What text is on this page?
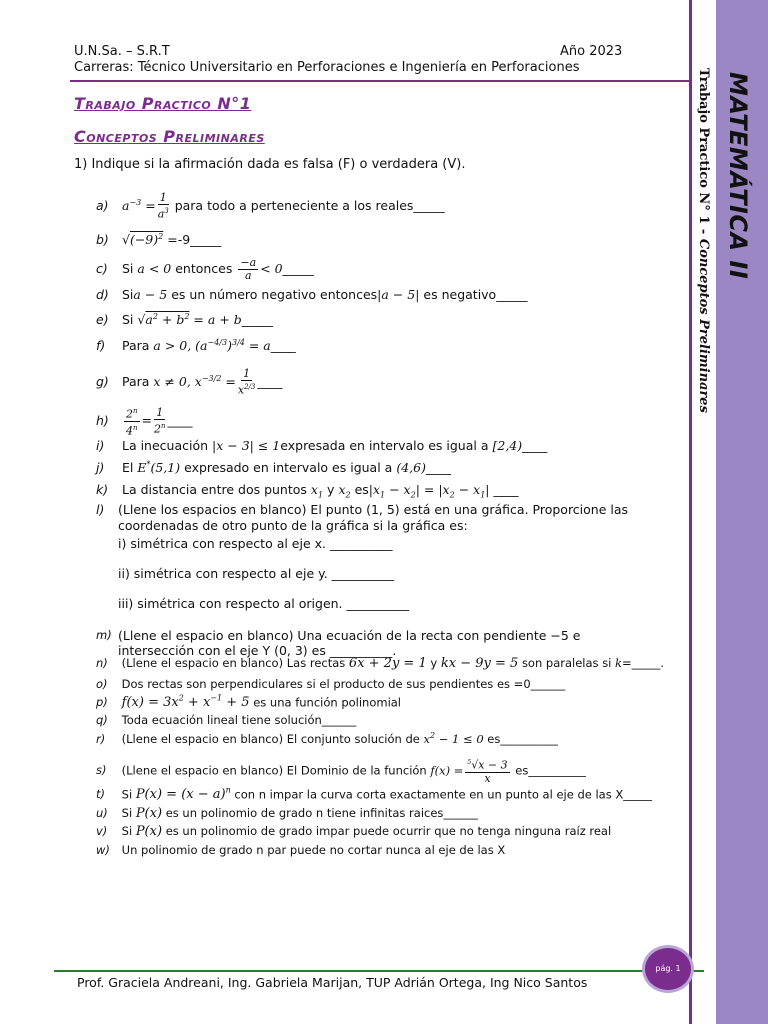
MATEMÁTICA II
Trabajo Practico N° 1 - Conceptos Preliminares
U.N.Sa. – S.R.T	Año 2023
Carreras: Técnico Universitario en Perforaciones e Ingeniería en Perforaciones
Trabajo Practico N°1
Conceptos Preliminares
1) Indique si la afirmación dada es falsa (F) o verdadera (V).
a) $a^{-3} = \frac{1}{a^3}$ para todo a perteneciente a los reales_____
b) $√(-9)^2$ =-9_____
c) Si a < 0 entonces $\frac{-a}{a}$ < 0_____
d) Sia − 5 es un número negativo entonces|a − 5| es negativo_____
e) Si $√a^2 + b^2 = a$ + b_____
f) Para a > 0, $(a^{-4/3})^{3/4}$ = a____
g) Para x ≠ 0, $x^{-3/2} = \frac{1}{x^{2/3}}$ ____
$h) \frac{2^n}{4^n} = \frac{1}{2^n}$ ____
i) La inecuación |x − 3| ≤ 1expresada en intervalo es igual a [2,4)____
j) El E*(5,1) expresado en intervalo es igual a (4,6)____
k) La distancia entre dos puntos $x_1$ y $x_2$ $es|x_1 - x_2| = |x_2 - x_1|$ ____
l)	(Llene los espacios en blanco) El punto (1, 5) está en una gráfica. Proporcione las coordenadas de otro punto de la gráfica si la gráfica es:
i) simétrica con respecto al eje x. __________
ii) simétrica con respecto al eje y. __________
iii) simétrica con respecto al origen. __________
m) (Llene el espacio en blanco) Una ecuación de la recta con pendiente −5 e intersección con el eje Y (0, 3) es __________.
n) (Llene el espacio en blanco) Las rectas 6x + 2y = 1 y kx − 9y = 5 son paralelas si k=_____.
o) Dos rectas son perpendiculares si el producto de sus pendientes es =0______
p) $f(x) = 3x^2 + x^{-1} + 5$ es una función polinomial
q) Toda ecuación lineal tiene solución______
r) (Llene el espacio en blanco) El conjunto solución de $x^2 - 1 \le 0$ es__________
s) (Llene el espacio en blanco) El Dominio de la función $f(x) = \frac{^5√x - 3}{x}$ es__________
t) Si $P(x) = (x - a)^n$ con n impar la curva corta exactamente en un punto al eje de las X_____
u) Si P(x) es un polinomio de grado n tiene infinitas raices______
v) Si P(x) es un polinomio de grado impar puede ocurrir que no tenga ninguna raíz real
w) Un polinomio de grado n par puede no cortar nunca al eje de las X
Prof. Graciela Andreani, Ing. Gabriela Marijan, TUP Adrián Ortega, Ing Nico Santos
pág. 1
